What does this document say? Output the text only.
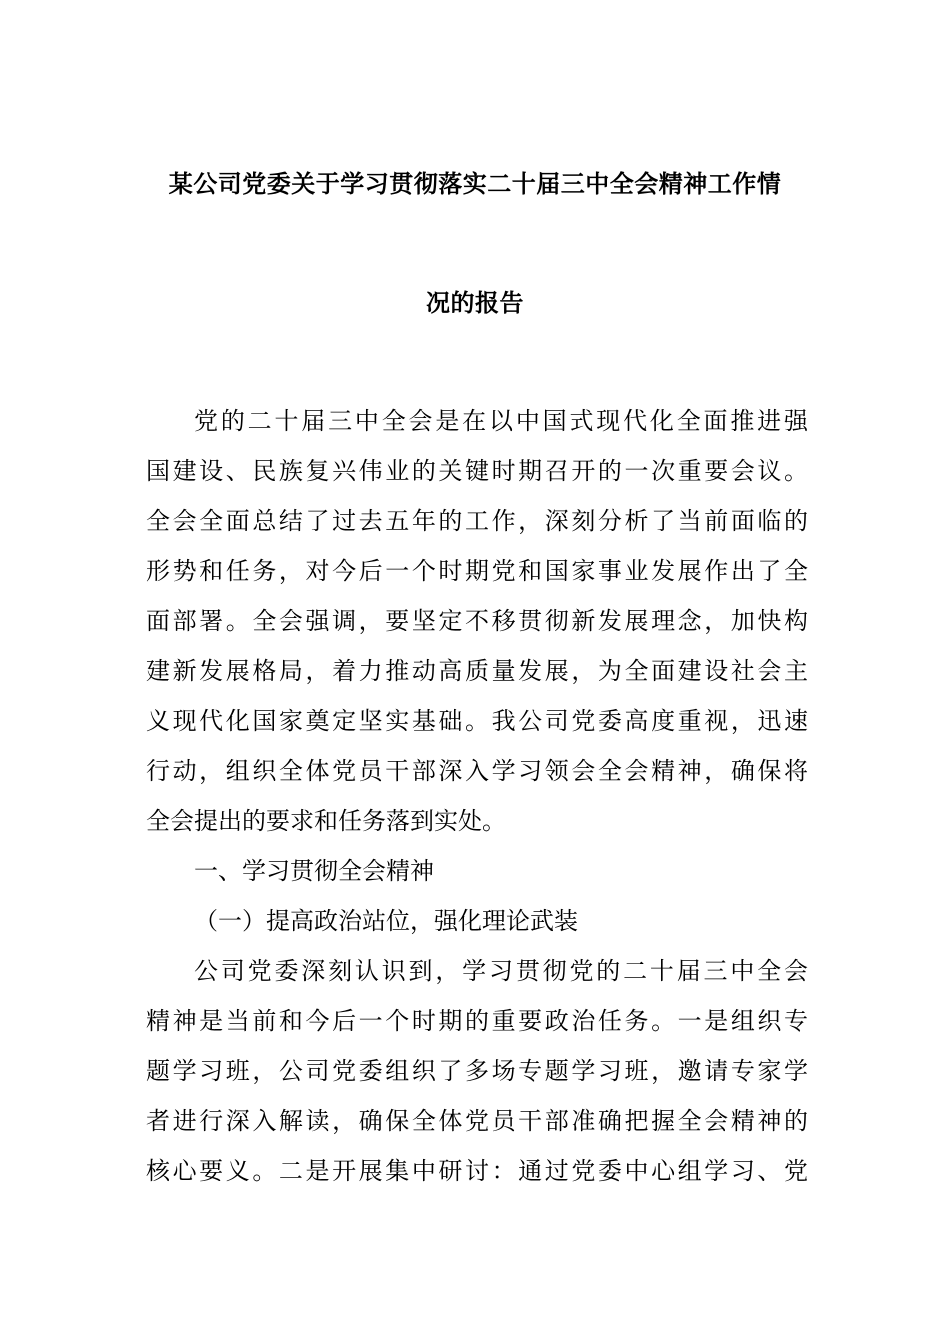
某公司党委关于学习贯彻落实二十届三中全会精神工作情
况的报告
党的二十届三中全会是在以中国式现代化全面推进强
国建设、民族复兴伟业的关键时期召开的一次重要会议。
全会全面总结了过去五年的工作，深刻分析了当前面临的
形势和任务，对今后一个时期党和国家事业发展作出了全
面部署。全会强调，要坚定不移贯彻新发展理念，加快构
建新发展格局，着力推动高质量发展，为全面建设社会主
义现代化国家奠定坚实基础。我公司党委高度重视，迅速
行动，组织全体党员干部深入学习领会全会精神，确保将
全会提出的要求和任务落到实处。
一、学习贯彻全会精神
（一）提高政治站位，强化理论武装
公司党委深刻认识到，学习贯彻党的二十届三中全会
精神是当前和今后一个时期的重要政治任务。一是组织专
题学习班，公司党委组织了多场专题学习班，邀请专家学
者进行深入解读，确保全体党员干部准确把握全会精神的
核心要义。二是开展集中研讨：通过党委中心组学习、党
